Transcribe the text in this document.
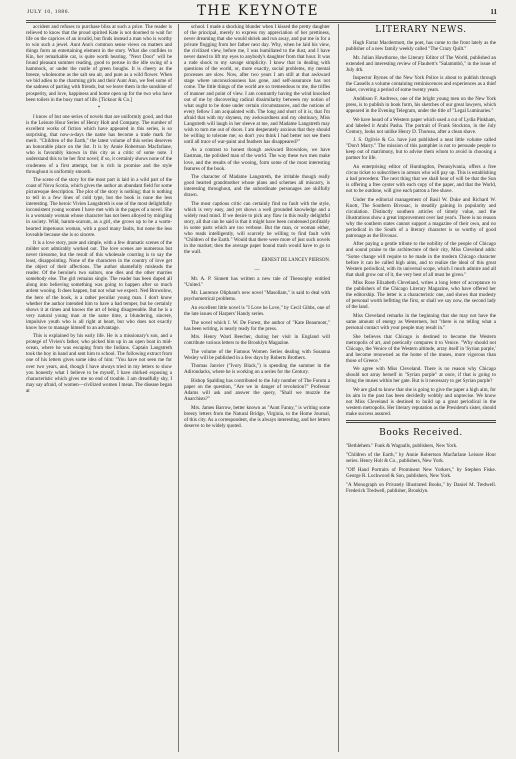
JULY 10, 1886.	THE KEYNOTE	11

accident and refuses to purchase bliss at such a price. The reader is relieved to know that the proud spirited Kate is not doomed to wait for life on the caprices of an invalid, but finds instead a man who is worthy to win such a jewel. Aunt Ann's common sense views on matters and things form an entertaining element in the story. What she confides to Kin, her remarkable cat, is quite worth hearing. "Next Door" will be found pleasant summer reading, good to peruse in the idle swing of a hammock, or under the rustle of green boughs. It is cheery as the breeze, wholesome as the salt sea air, and pure as a wild flower. When we bid adieu to the charming girls and their Aunt Ann, we feel some of the sadness of parting with friends, but we leave them in the sunshine of prosperity, and love, happiness and home open up for the two who have been toilers in the busy mart of life. [Ticknor & Co.]

*

I know of but one series of novels that are uniformly good, and that is the Leisure Hour Series of Henry Holt and Company. The number of excellent works of fiction which have appeared in this series, is so surprising, that now-a-days the name has become a trade mark for merit. "Children of the Earth," the latest volume of this series deserves an honorable place on the list. It is by Annie Robertson Macfarlane, who is favorably known in this city as a critic of some note. I understand this to be her first novel; if so, it certainly shows none of the crudeness of a first attempt, but is rich in promise and the style throughout is uniformly smooth.

The scene of the story for the most part is laid in a wild part of the coast of Nova Scotia, which gives the author an abundant field for some picturesque description. The plot of the story is nothing; that is nothing to tell in a few lines of cold type, but the book is none the less interesting. The heroic Vivien Langsbreth is one of the most delightfully inconsistent young women I have met with in the pages of a novel. She is a womanly woman whose character has not been alloyed by mingling in society. Wild, harum-scarum, as a girl, she grows up to be a warm-hearted impetuous woman, with a good many faults, but none the less loveable because she is so sincere.

It is a love story, pure and simple, with a few dramatic scenes of the milder sort admirably worked out. The love scenes are numerous but never tiresome, but the result of this wholesale courting is to say the least, disappointing. None of the characters in the country of love get the object of their affections. The author shamefully misleads the reader. Of the heroine's two suitors, one dies and the other marries somebody else. The girl remains single. The reader has been duped all along into believing something was going to happen after so much ardent wooing. It does happen, but not what we expect. Ned Brownlow, the hero of the book, is a rather peculiar young man. I don't know whether the author intended him to have a bad temper, but he certainly shows it at times and knows the art of being disagreeable. But he is a very natural young man at the same time, a blundering, sincere, impulsive youth who is all right at heart, but who does not exactly know how to manage himself to an advantage.

This is explained by his early life. He is a missionary's son, and a protegé of Vivien's father, who picked him up in an open boat in mid-ocean, where he was escaping from the Indians. Captain Langstreth took the boy in hand and sent him to school. The following extract from one of his letters gives some idea of him: "You have not seen me for over two years, and, though I have always tried in my letters to show you honestly what I believe to be myself, I have shirked exposing a characteristic which gives me no end of trouble. I am dreadfully shy, I may say afraid, of women—civilized women I mean. The disease began at

school. I made a shocking blunder when I kissed the pretty daughter of the principal, merely to express my appreciation of her prettiness, never dreaming that she would shriek and run away, and put me in for a private flogging from her father next day. Why, when he laid his view, the civilized view, before me, I was humiliated to the dust, and I have never dared to lift my eyes to anybody's daughter from that hour. It was a rude shock to my savage simplicity. I know that in dealing with questions of the world, or, more exactly, social problems, my mental processes are slow. Now, after two years I am still at that awkward stage where unconsciousness has gone, and self-assurance has not come. The little things of the world are so tremendous to me, the trifles of manner and point of view. I am constantly having the wind knocked out of me by discovering radical dissimilarity between my notion of what ought to be done under certain circumstances, and the notions of every fellow I am acquainted with. The long and short of it is, that I'm afraid that with my shyness, my awkwardness and my obstinacy, Miss Langstreth will laugh in her sleeve at me, and Madame Langstreth may wish to turn me out of doors. I am desperately anxious that they should be willing to tolerate me; so don't you think I had better not see them until all trace of war-paint and feathers has disappeared?"

As a contrast to honest though awkward Brownlow, we have Eastman, the polished man of the world. The way these two men make love, and the results of the wooing, form some of the most interesting features of the book.

The character of Madame Langstreth, the irritable though really good hearted grandmother whose plans and schemes all miscarry, is interesting throughout, and the subordinate personages are skilfully drawn.

The most captious critic can certainly find no fault with the style, which is very easy, and yet shows a well grounded knowledge and a widely read mind. If we desire to pick any flaw in this really delightful story, all that can be said is that it might have been condensed profitably in some parts which are too verbose. But the man, or woman either, who reads intelligently, will scarcely be willing to find fault with "Children of the Earth." Would that there were more of just such novels in the market; then the average paper bound trash would have to go to the wall.

ERNEST DE LANCEY PIERSON.
—

Mr. A. P. Sinnett has written a new tale of Theosophy entitled "United."

Mr. Laurence Oliphant's new novel "Masollam," is said to deal with psychometrical problems.

An excellent little novel is "I Love he Love," by Cecil Gibbs, one of the late issues of Harpers' Handy series.

The novel which I. W. De Forest, the author of "Kate Beaumont," has been writing, is nearly ready for the press.

Mrs. Henry Ward Beecher, during her visit in England will contribute various letters to the Brooklyn Magazine.

The volume of the Famous Women Series dealing with Susanna Wesley will be published in a few days by Roberts Brothers.

Thomas Janvier ("Ivory Black,") is spending the summer in the Adirondacks, where he is working on a series for the Century.

Bishop Spalding has contributed to the July number of The Forum a paper on the question, "Are we in danger of revolution?" Professor Adams will ask and answer the query, "Shall we muzzle the Anarchists?"

Mrs. James Barrow, better known as "Aunt Fanny," is writing some breezy letters from the Natural Bridge, Virginia, to the Home Journal, of this city. As a correspondent, she is always interesting, and her letters deserve to be widely quoted.

LITERARY NEWS.

Hugh Farrar Macdermott, the poet, has come to the front lately as the publisher of a new family weekly called "The Crazy Quilt."

Mr. Julian Hawthorne, the Literary Editor of The World, published an extended and interesting review of Flaubert's "Salammbô," in the issue of July 4th.

Inspector Byrnes of the New York Police is about to publish through the Cassells a volume containing reminiscences and experiences as a thief taker, covering a period of some twenty years.

Anddison F. Andrews, one of the bright young men on the New York press, is to publish in book form, his sketches of our great lawyers, which appeared in the Evening Telegram, under the title of "Legal Luminaries."

We have heard of a Western paper which used a cut of Lydia Pinkham, and labeled it Arabi Pasha. The portrait of Frank Stockton, in the July Century, looks not unlike Henry D. Thoreau, after a clean shave.

J. S. Ogilvie & Co. have just published a neat little volume called "Don't Marry." The mission of this pamphlet is not to persuade people to keep out of matrimony, but to advise them whom to avoid in choosing a partner for life.

An enterprising editor of Huntingdon, Pennsylvania, offers a free circus ticket to subscribers in arrears who will pay up. This is establishing a bad precedent. The next thing that we shall hear of will be that the Sun is offering a free oyster with each copy of the paper, and that the World, not to be outdone, will give each patron a free shave.

Under the editorial management of Basil W. Duke and Richard W. Knott, The Southern Bivouac, is steadily gaining in popularity and circulation. Distinctly southern articles of timely value, and the illustrations show a great improvement over last year's. There is no reason why the southern states cannot support a magazine of their own, and no periodical in the South of a literary character is so worthy of good patronage as the Bivouac.

After paying a gentle tribute to the nobility of the people of Chicago and sound praise to the architecture of their city, Miss Cleveland adds: "Some change will require to be made in the modern Chicago character before it can be called high aims, and to realize the ideal of this great Western periodical, with its universal scope, which I much admire and all that shall grow out of it, the very best of all must be given."

Miss Rose Elizabeth Cleveland, writes a long letter of acceptance to the publishers of the Chicago Literary Magazine, who have offered her the editorship. The letter is a characteristic one, and shows that modesty of personal worth befitting the first, or shall we say now, the second lady of the land.

Miss Cleveland remarks in the beginning that she may not have the same amount of energy as Westerners, but "there is no telling what a personal contact with your people may result in."

She believes that Chicago is destined to become the Western metropolis of art, and poetically compares it to Venice. "Why should not Chicago, the Venice of the Western altitude, array itself in 'Syrian purple,' and become renowned as the home of the muses, more vigorous than those of Greece."

We agree with Miss Cleveland. There is no reason why Chicago should not array herself in "Syrian purple" at once, if that is going to bring the muses within her gate. But is it necessary to get Syrian purple?

We are glad to know that she is going to give the paper a high aim, for its aim in the past has been decidedly wobbly and unprecise. We know not Miss Cleveland is destined to build up a great periodical in the western metropolis. Her literary reputation as the President's sister, should make success assured.

Books Received.
"Bethlehem." Funk & Wagnalls, publishers, New York.
"Children of the Earth," by Annie Robertson Macfarlane Leisure Hour series. Henry Holt & Co., publishers, New York.
"Off Hand Portraits of Prominent New Yorkers," by Stephen Fiske. George R. Lockwood & Son, publishers, New York.
"A Monograph on Privately Illustrated Books," by Daniel M. Tredwell. Frederick Tredwell, publisher, Brooklyn.
